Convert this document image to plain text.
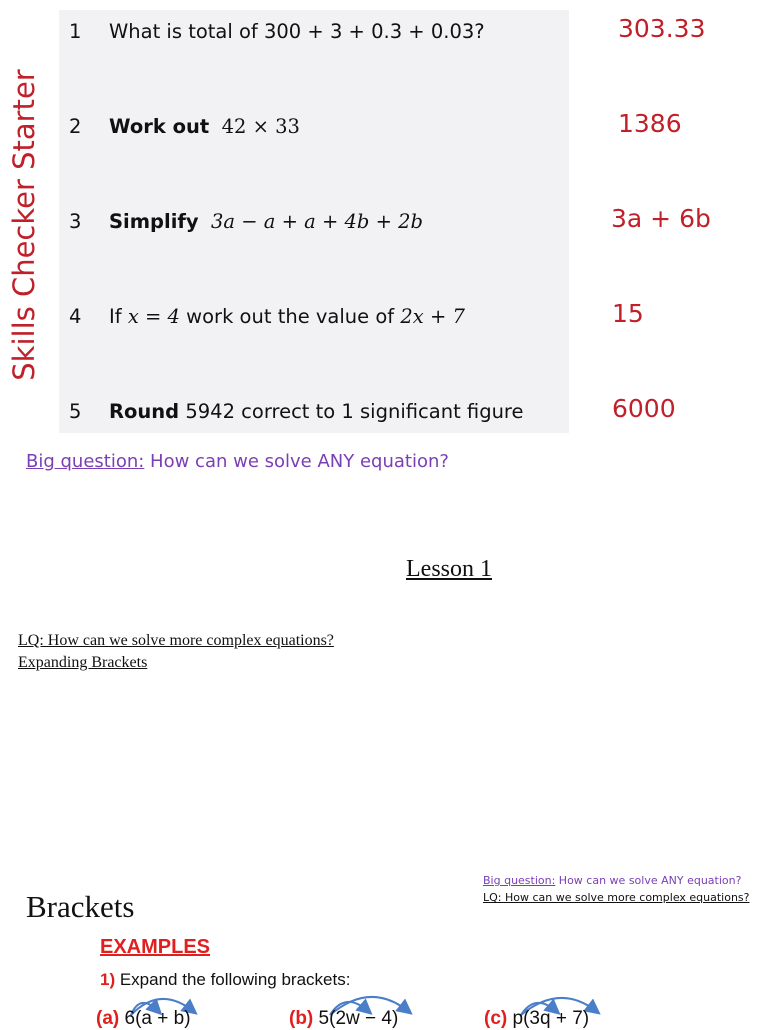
Skills Checker Starter
1 What is total of 300 + 3 + 0.3 + 0.03?	303.33
2 Work out 42 × 33	1386
3 Simplify 3a − a + a + 4b + 2b	3a + 6b
4 If x = 4 work out the value of 2x + 7	15
5 Round 5942 correct to 1 significant figure	6000
Big question: How can we solve ANY equation?
Lesson 1
LQ: How can we solve more complex equations?
Expanding Brackets
Big question: How can we solve ANY equation?
LQ: How can we solve more complex equations?
Brackets
EXAMPLES
1) Expand the following brackets:
(a) 6(a + b)	(b) 5(2w − 4)	(c) p(3q + 7)
